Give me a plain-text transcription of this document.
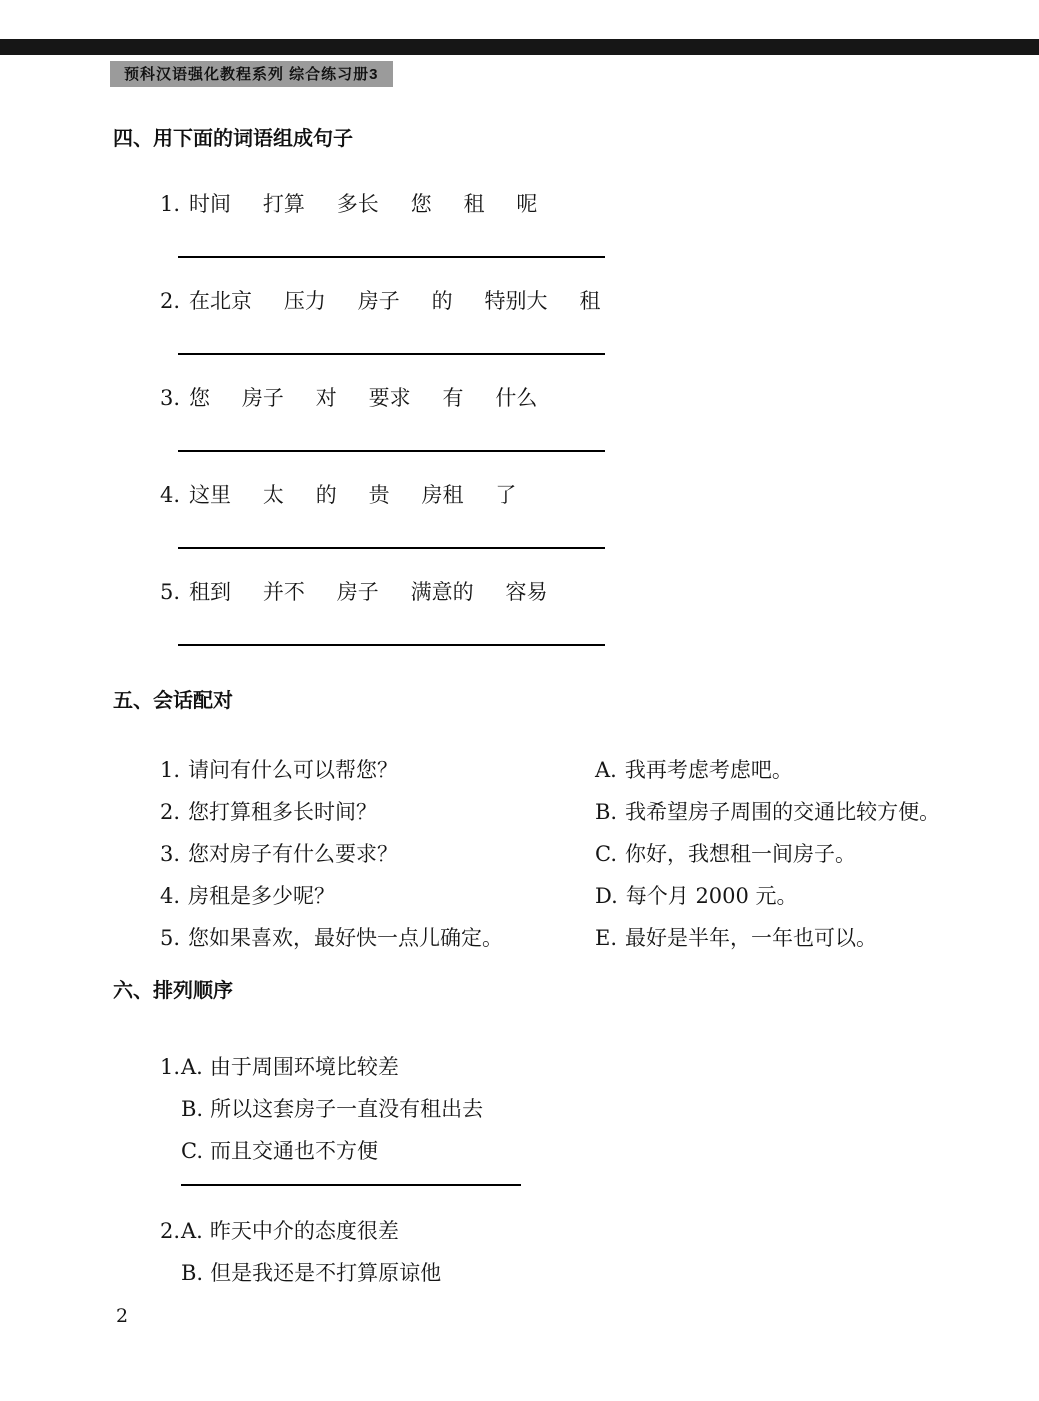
预科汉语强化教程系列 综合练习册3
四、用下面的词语组成句子

1. 时间 打算 多长 您 租 呢

2. 在北京 压力 房子 的 特别大 租

3. 您 房子 对 要求 有 什么

4. 这里 太 的 贵 房租 了

5. 租到 并不 房子 满意的 容易

五、会话配对
1. 请问有什么可以帮您？	A. 我再考虑考虑吧。
2. 您打算租多长时间？	B. 我希望房子周围的交通比较方便。
3. 您对房子有什么要求？	C. 你好，我想租一间房子。
4. 房租是多少呢？	D. 每个月 2000 元。
5. 您如果喜欢，最好快一点儿确定。	E. 最好是半年，一年也可以。
六、排列顺序
1. A. 由于周围环境比较差

B. 所以这套房子一直没有租出去

C. 而且交通也不方便

2. A. 昨天中介的态度很差

B. 但是我还是不打算原谅他

2
